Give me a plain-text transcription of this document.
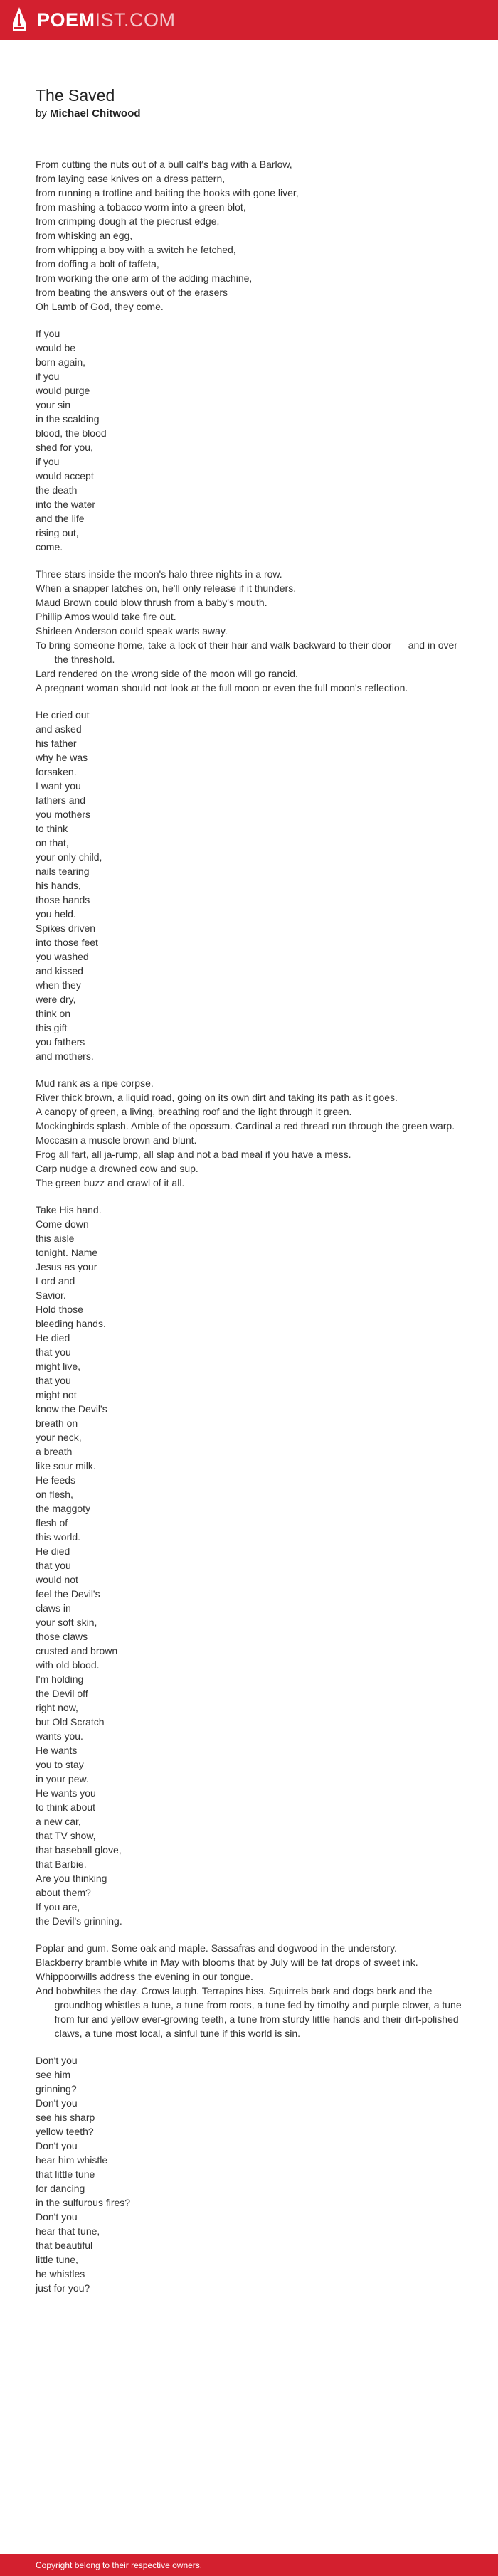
POEMIST.COM
The Saved
by Michael Chitwood
From cutting the nuts out of a bull calf's bag with a Barlow,
from laying case knives on a dress pattern,
from running a trotline and baiting the hooks with gone liver,
from mashing a tobacco worm into a green blot,
from crimping dough at the piecrust edge,
from whisking an egg,
from whipping a boy with a switch he fetched,
from doffing a bolt of taffeta,
from working the one arm of the adding machine,
from beating the answers out of the erasers
Oh Lamb of God, they come.
If you
would be
born again,
if you
would purge
your sin
in the scalding
blood, the blood
shed for you,
if you
would accept
the death
into the water
and the life
rising out,
come.
Three stars inside the moon's halo three nights in a row.
When a snapper latches on, he'll only release if it thunders.
Maud Brown could blow thrush from a baby's mouth.
Phillip Amos would take fire out.
Shirleen Anderson could speak warts away.
To bring someone home, take a lock of their hair and walk backward to their door      and in over the threshold.
Lard rendered on the wrong side of the moon will go rancid.
A pregnant woman should not look at the full moon or even the full moon's reflection.
He cried out
and asked
his father
why he was
forsaken.
I want you
fathers and
you mothers
to think
on that,
your only child,
nails tearing
his hands,
those hands
you held.
Spikes driven
into those feet
you washed
and kissed
when they
were dry,
think on
this gift
you fathers
and mothers.
Mud rank as a ripe corpse.
River thick brown, a liquid road, going on its own dirt and taking its path as it goes.
A canopy of green, a living, breathing roof and the light through it green.
Mockingbirds splash. Amble of the opossum. Cardinal a red thread run through the green warp.
Moccasin a muscle brown and blunt.
Frog all fart, all ja-rump, all slap and not a bad meal if you have a mess.
Carp nudge a drowned cow and sup.
The green buzz and crawl of it all.
Take His hand.
Come down
this aisle
tonight. Name
Jesus as your
Lord and
Savior.
Hold those
bleeding hands.
He died
that you
might live,
that you
might not
know the Devil's
breath on
your neck,
a breath
like sour milk.
He feeds
on flesh,
the maggoty
flesh of
this world.
He died
that you
would not
feel the Devil's
claws in
your soft skin,
those claws
crusted and brown
with old blood.
I'm holding
the Devil off
right now,
but Old Scratch
wants you.
He wants
you to stay
in your pew.
He wants you
to think about
a new car,
that TV show,
that baseball glove,
that Barbie.
Are you thinking
about them?
If you are,
the Devil's grinning.
Poplar and gum. Some oak and maple. Sassafras and dogwood in the understory.
Blackberry bramble white in May with blooms that by July will be fat drops of sweet ink.
Whippoorwills address the evening in our tongue.
And bobwhites the day. Crows laugh. Terrapins hiss. Squirrels bark and dogs bark and the groundhog whistles a tune, a tune from roots, a tune fed by timothy and purple clover, a tune from fur and yellow ever-growing teeth, a tune from sturdy little hands and their dirt-polished claws, a tune most local, a sinful tune if this world is sin.
Don't you
see him
grinning?
Don't you
see his sharp
yellow teeth?
Don't you
hear him whistle
that little tune
for dancing
in the sulfurous fires?
Don't you
hear that tune,
that beautiful
little tune,
he whistles
just for you?
Copyright belong to their respective owners.
